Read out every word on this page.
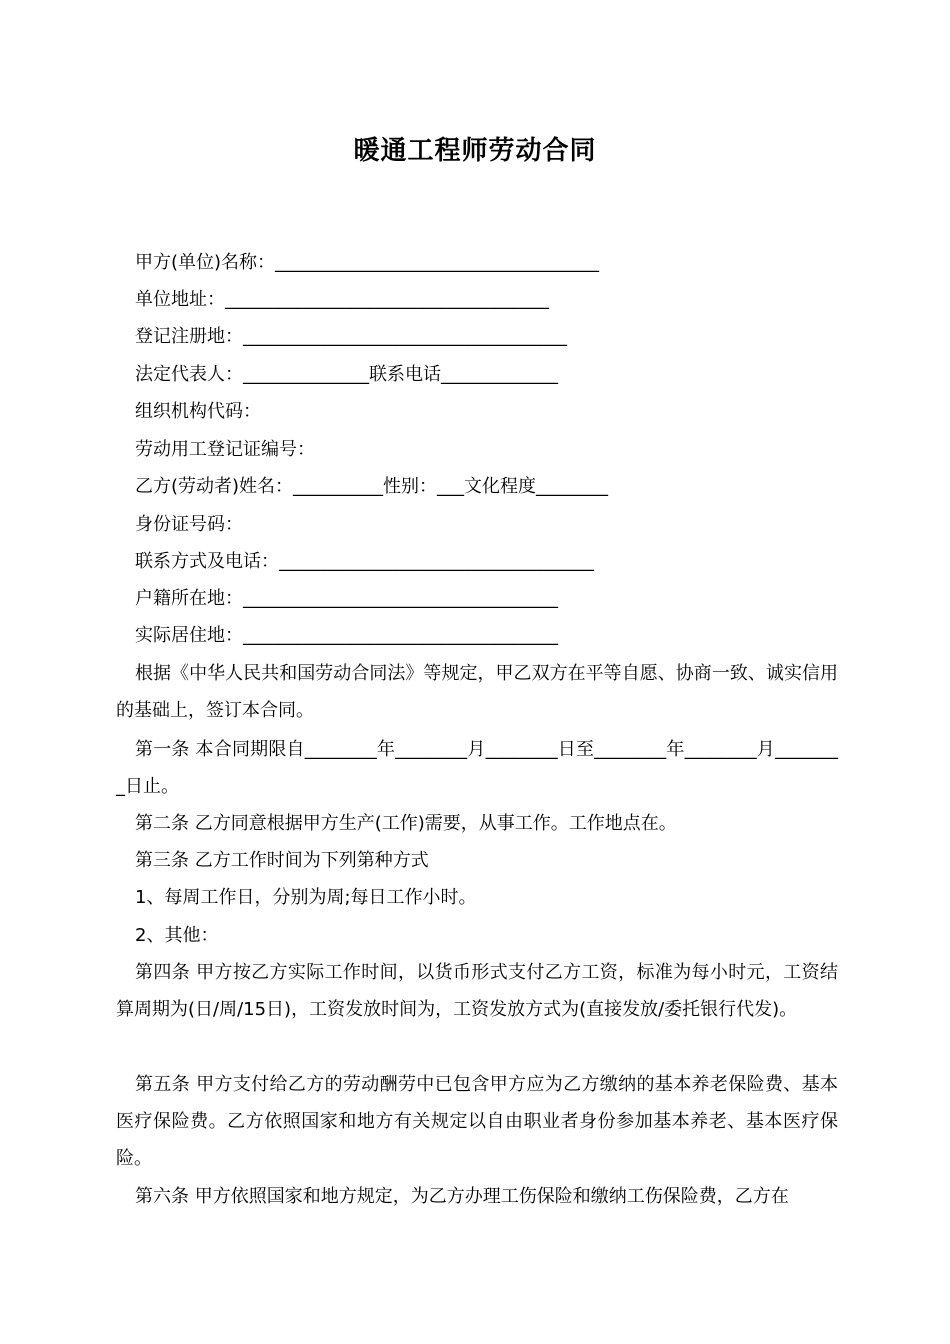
暖通工程师劳动合同
甲方(单位)名称：____________________________________
单位地址：____________________________________
登记注册地：____________________________________
法定代表人：______________联系电话_____________
组织机构代码：
劳动用工登记证编号：
乙方(劳动者)姓名：__________性别：___文化程度________
身份证号码：
联系方式及电话：___________________________________
户籍所在地：___________________________________
实际居住地：___________________________________
根据《中华人民共和国劳动合同法》等规定，甲乙双方在平等自愿、协商一致、诚实信用的基础上，签订本合同。
第一条 本合同期限自________年________月________日至________年________月________日止。
第二条 乙方同意根据甲方生产(工作)需要，从事工作。工作地点在。
第三条 乙方工作时间为下列第种方式
1、每周工作日，分别为周;每日工作小时。
2、其他：
第四条 甲方按乙方实际工作时间，以货币形式支付乙方工资，标准为每小时元，工资结算周期为(日/周/15日)，工资发放时间为，工资发放方式为(直接发放/委托银行代发)。
第五条 甲方支付给乙方的劳动酬劳中已包含甲方应为乙方缴纳的基本养老保险费、基本医疗保险费。乙方依照国家和地方有关规定以自由职业者身份参加基本养老、基本医疗保险。
第六条 甲方依照国家和地方规定，为乙方办理工伤保险和缴纳工伤保险费，乙方在
